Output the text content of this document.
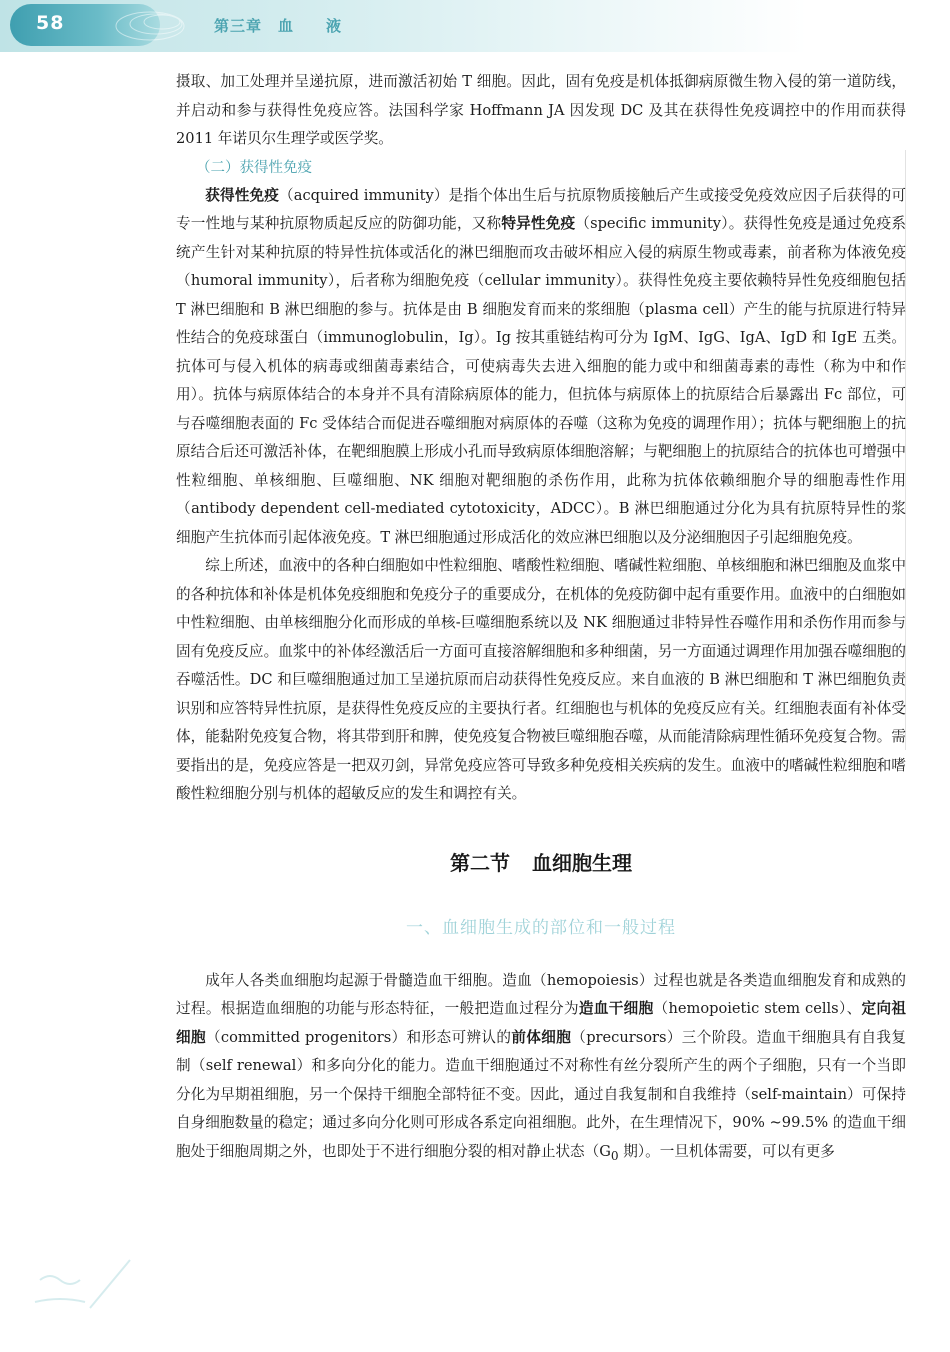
58	第三章　血　　液

摄取、加工处理并呈递抗原，进而激活初始 T 细胞。因此，固有免疫是机体抵御病原微生物入侵的第一道防线，并启动和参与获得性免疫应答。法国科学家 Hoffmann JA 因发现 DC 及其在获得性免疫调控中的作用而获得 2011 年诺贝尔生理学或医学奖。

（二）获得性免疫

获得性免疫（acquired immunity）是指个体出生后与抗原物质接触后产生或接受免疫效应因子后获得的可专一性地与某种抗原物质起反应的防御功能，又称特异性免疫（specific immunity）。获得性免疫是通过免疫系统产生针对某种抗原的特异性抗体或活化的淋巴细胞而攻击破坏相应入侵的病原生物或毒素，前者称为体液免疫（humoral immunity），后者称为细胞免疫（cellular immunity）。获得性免疫主要依赖特异性免疫细胞包括 T 淋巴细胞和 B 淋巴细胞的参与。抗体是由 B 细胞发育而来的浆细胞（plasma cell）产生的能与抗原进行特异性结合的免疫球蛋白（immunoglobulin，Ig）。Ig 按其重链结构可分为 IgM、IgG、IgA、IgD 和 IgE 五类。抗体可与侵入机体的病毒或细菌毒素结合，可使病毒失去进入细胞的能力或中和细菌毒素的毒性（称为中和作用）。抗体与病原体结合的本身并不具有清除病原体的能力，但抗体与病原体上的抗原结合后暴露出 Fc 部位，可与吞噬细胞表面的 Fc 受体结合而促进吞噬细胞对病原体的吞噬（这称为免疫的调理作用）；抗体与靶细胞上的抗原结合后还可激活补体，在靶细胞膜上形成小孔而导致病原体细胞溶解；与靶细胞上的抗原结合的抗体也可增强中性粒细胞、单核细胞、巨噬细胞、NK 细胞对靶细胞的杀伤作用，此称为抗体依赖细胞介导的细胞毒性作用（antibody dependent cell-mediated cytotoxicity，ADCC）。B 淋巴细胞通过分化为具有抗原特异性的浆细胞产生抗体而引起体液免疫。T 淋巴细胞通过形成活化的效应淋巴细胞以及分泌细胞因子引起细胞免疫。

综上所述，血液中的各种白细胞如中性粒细胞、嗜酸性粒细胞、嗜碱性粒细胞、单核细胞和淋巴细胞及血浆中的各种抗体和补体是机体免疫细胞和免疫分子的重要成分，在机体的免疫防御中起有重要作用。血液中的白细胞如中性粒细胞、由单核细胞分化而形成的单核-巨噬细胞系统以及 NK 细胞通过非特异性吞噬作用和杀伤作用而参与固有免疫反应。血浆中的补体经激活后一方面可直接溶解细胞和多种细菌，另一方面通过调理作用加强吞噬细胞的吞噬活性。DC 和巨噬细胞通过加工呈递抗原而启动获得性免疫反应。来自血液的 B 淋巴细胞和 T 淋巴细胞负责识别和应答特异性抗原，是获得性免疫反应的主要执行者。红细胞也与机体的免疫反应有关。红细胞表面有补体受体，能黏附免疫复合物，将其带到肝和脾，使免疫复合物被巨噬细胞吞噬，从而能清除病理性循环免疫复合物。需要指出的是，免疫应答是一把双刃剑，异常免疫应答可导致多种免疫相关疾病的发生。血液中的嗜碱性粒细胞和嗜酸性粒细胞分别与机体的超敏反应的发生和调控有关。

第二节 血细胞生理
一、血细胞生成的部位和一般过程

成年人各类血细胞均起源于骨髓造血干细胞。造血（hemopoiesis）过程也就是各类造血细胞发育和成熟的过程。根据造血细胞的功能与形态特征，一般把造血过程分为造血干细胞（hemopoietic stem cells）、定向祖细胞（committed progenitors）和形态可辨认的前体细胞（precursors）三个阶段。造血干细胞具有自我复制（self renewal）和多向分化的能力。造血干细胞通过不对称性有丝分裂所产生的两个子细胞，只有一个当即分化为早期祖细胞，另一个保持干细胞全部特征不变。因此，通过自我复制和自我维持（self-maintain）可保持自身细胞数量的稳定；通过多向分化则可形成各系定向祖细胞。此外，在生理情况下，90% ~99.5% 的造血干细胞处于细胞周期之外，也即处于不进行细胞分裂的相对静止状态（$G_0$ 期）。一旦机体需要，可以有更多
